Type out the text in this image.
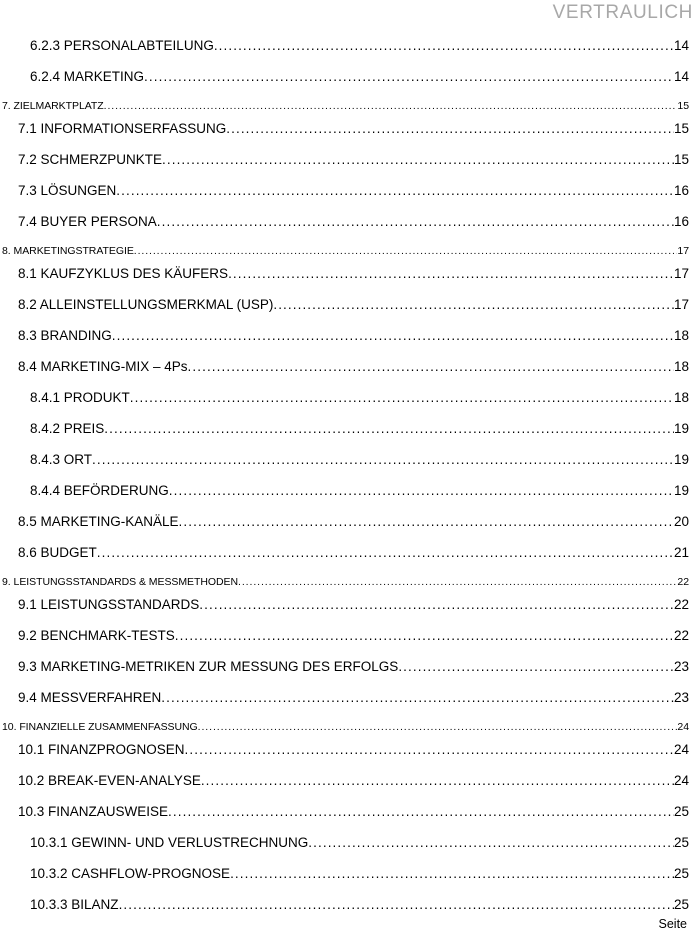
VERTRAULICH
6.2.3 PERSONALABTEILUNG .....	14
6.2.4 MARKETING .....	14
7. ZIELMARKTPLATZ .....	15
7.1 INFORMATIONSERFASSUNG .....	15
7.2 SCHMERZPUNKTE .....	15
7.3 LÖSUNGEN .....	16
7.4 BUYER PERSONA .....	16
8. MARKETINGSTRATEGIE .....	17
8.1 KAUFZYKLUS DES KÄUFERS .....	17
8.2 ALLEINSTELLUNGSMERKMAL (USP) .....	17
8.3 BRANDING .....	18
8.4 MARKETING-MIX – 4Ps .....	18
8.4.1 PRODUKT .....	18
8.4.2 PREIS .....	19
8.4.3 ORT .....	19
8.4.4 BEFÖRDERUNG .....	19
8.5 MARKETING-KANÄLE .....	20
8.6 BUDGET .....	21
9. LEISTUNGSSTANDARDS & MESSMETHODEN .....	22
9.1 LEISTUNGSSTANDARDS .....	22
9.2 BENCHMARK-TESTS .....	22
9.3 MARKETING-METRIKEN ZUR MESSUNG DES ERFOLGS .....	23
9.4 MESSVERFAHREN .....	23
10. FINANZIELLE ZUSAMMENFASSUNG .....	24
10.1 FINANZPROGNOSEN .....	24
10.2 BREAK-EVEN-ANALYSE .....	24
10.3 FINANZAUSWEISE .....	25
10.3.1 GEWINN- UND VERLUSTRECHNUNG .....	25
10.3.2 CASHFLOW-PROGNOSE .....	25
10.3.3 BILANZ .....	25
Seite
